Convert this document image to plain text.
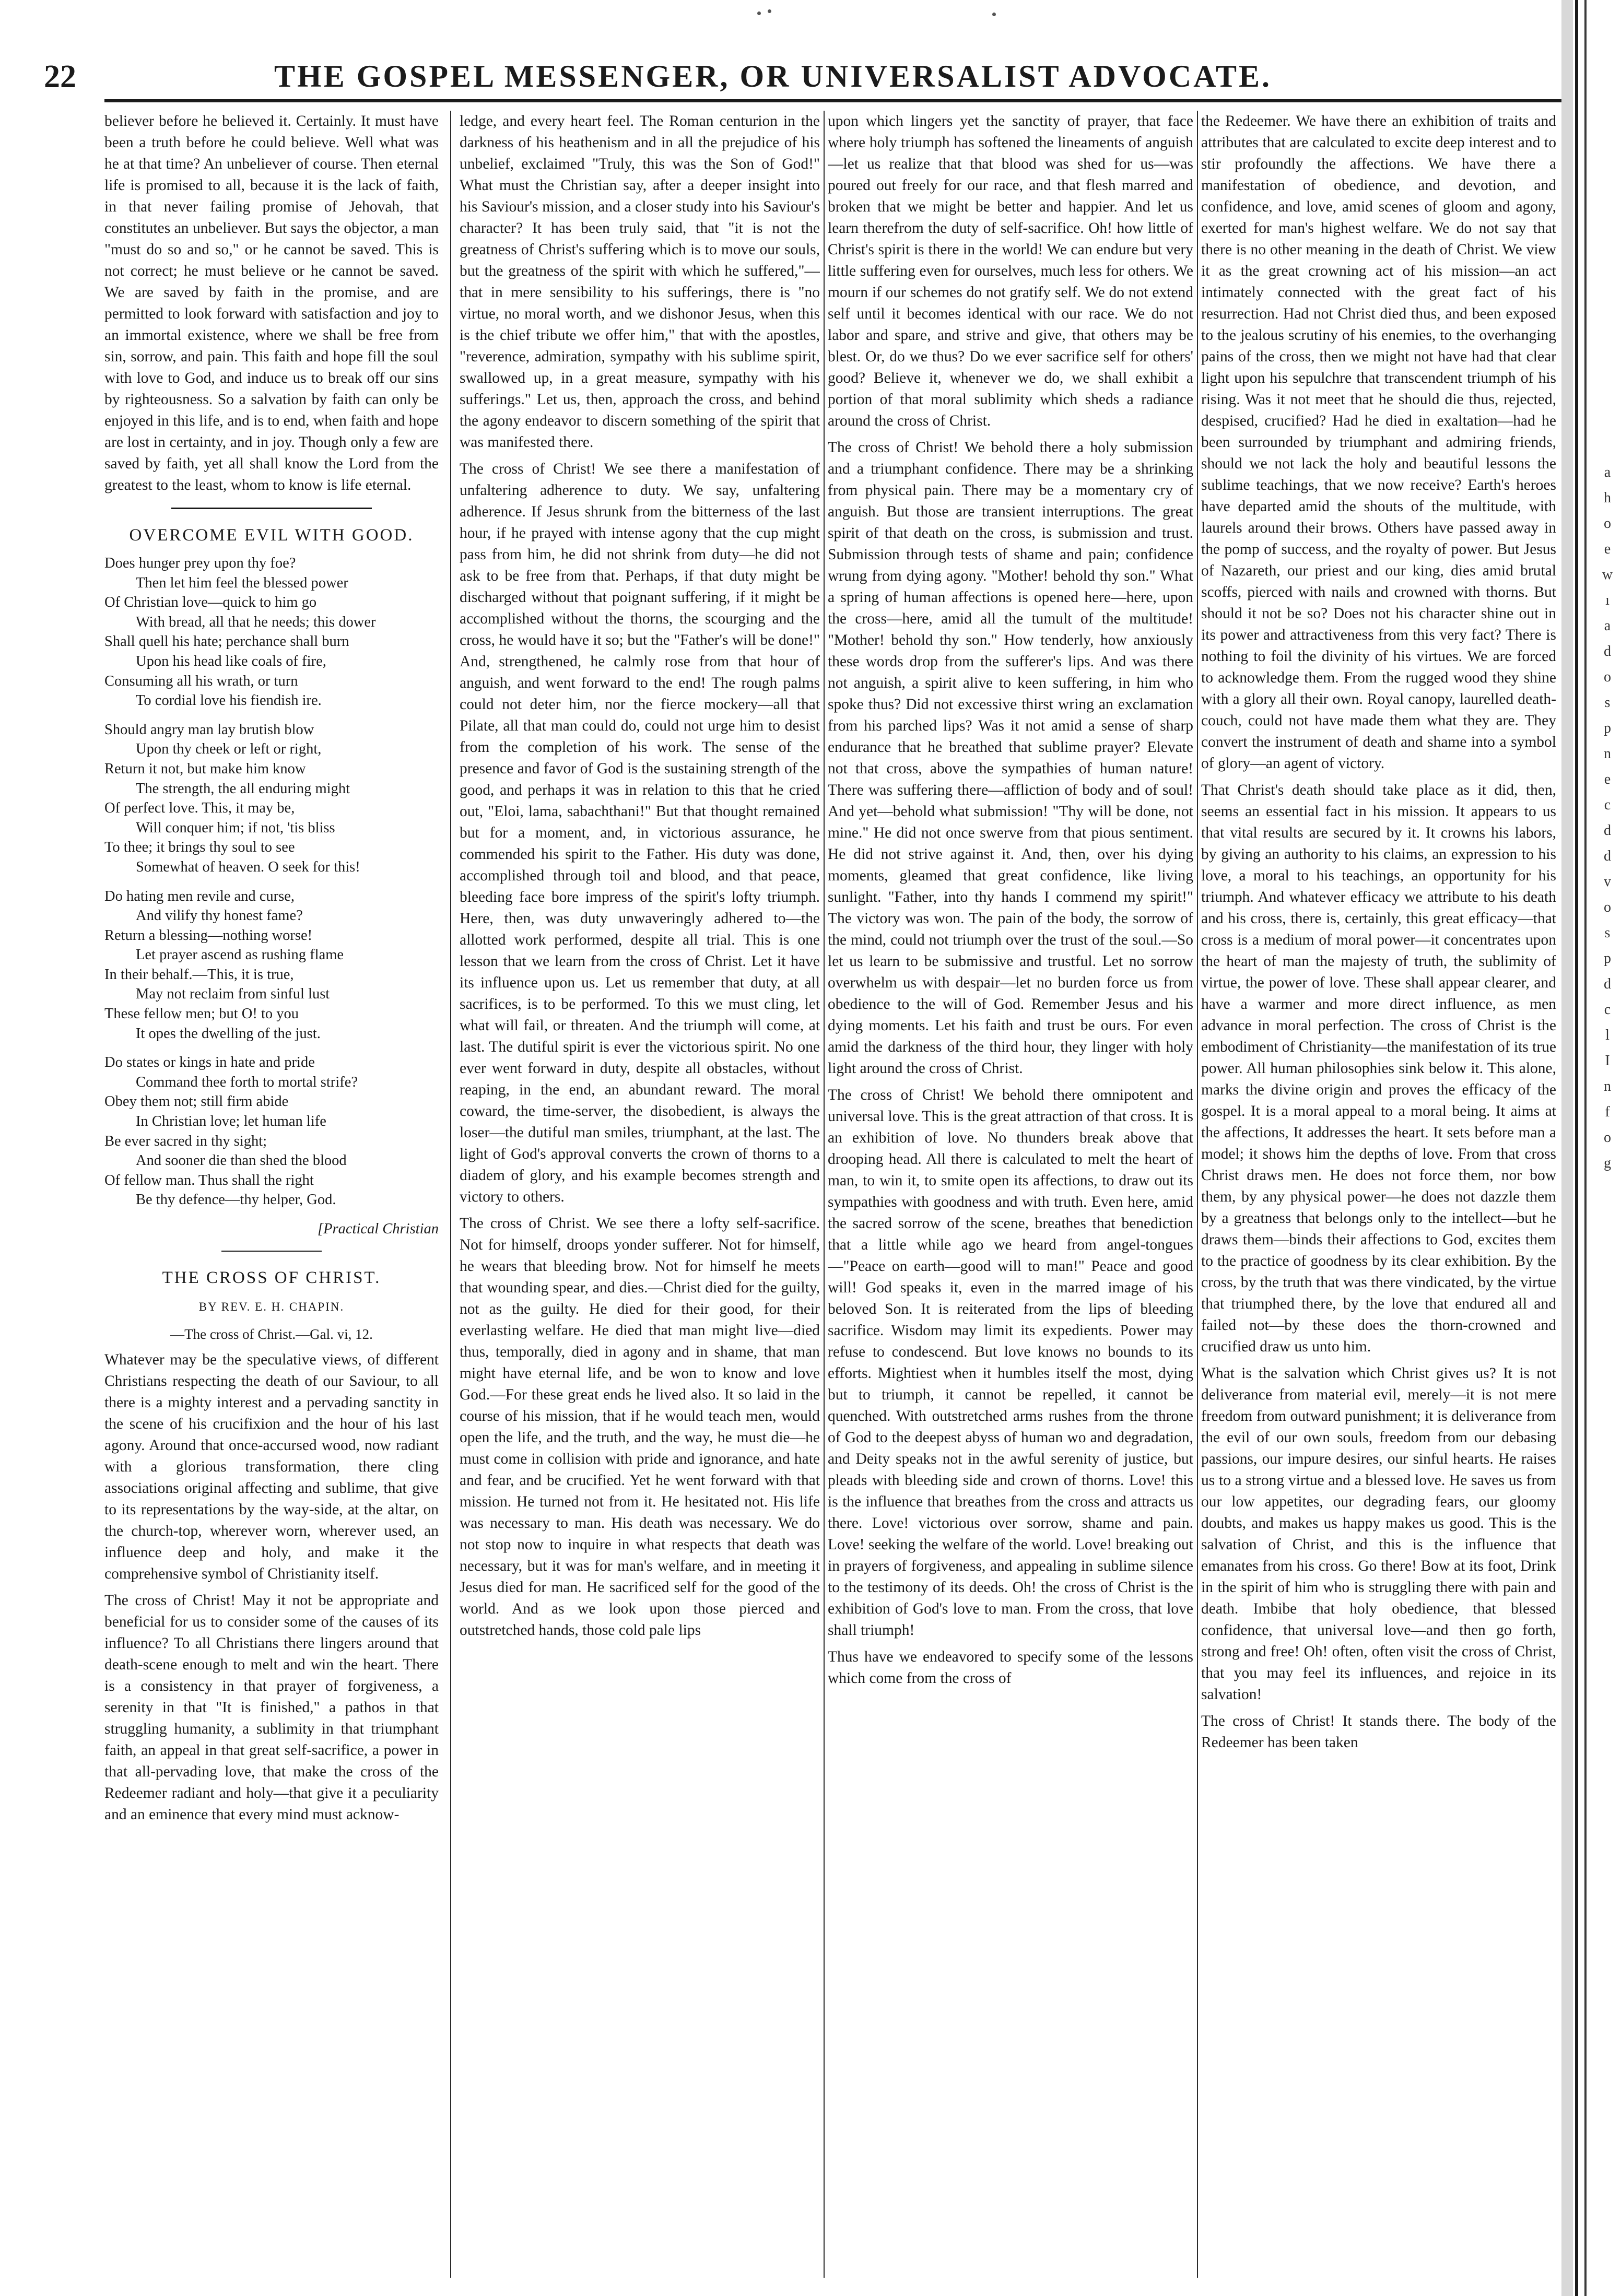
22	THE GOSPEL MESSENGER, OR UNIVERSALIST ADVOCATE.

believer before he believed it. Certainly. It must have been a truth before he could believe. Well what was he at that time? An unbeliever of course. Then eternal life is promised to all, because it is the lack of faith, in that never failing promise of Jehovah, that constitutes an unbeliever. But says the objector, a man "must do so and so," or he cannot be saved. This is not correct; he must believe or he cannot be saved. We are saved by faith in the promise, and are permitted to look forward with satisfaction and joy to an immortal existence, where we shall be free from sin, sorrow, and pain. This faith and hope fill the soul with love to God, and induce us to break off our sins by righteousness. So a salvation by faith can only be enjoyed in this life, and is to end, when faith and hope are lost in certainty, and in joy. Though only a few are saved by faith, yet all shall know the Lord from the greatest to the least, whom to know is life eternal.

OVERCOME EVIL WITH GOOD.
Does hunger prey upon thy foe?
Then let him feel the blessed power
Of Christian love—quick to him go
With bread, all that he needs; this dower
Shall quell his hate; perchance shall burn
Upon his head like coals of fire,
Consuming all his wrath, or turn
To cordial love his fiendish ire.
Should angry man lay brutish blow
Upon thy cheek or left or right,
Return it not, but make him know
The strength, the all enduring might
Of perfect love. This, it may be,
Will conquer him; if not, 'tis bliss
To thee; it brings thy soul to see
Somewhat of heaven. O seek for this!
Do hating men revile and curse,
And vilify thy honest fame?
Return a blessing—nothing worse!
Let prayer ascend as rushing flame
In their behalf.—This, it is true,
May not reclaim from sinful lust
These fellow men; but O! to you
It opes the dwelling of the just.
Do states or kings in hate and pride
Command thee forth to mortal strife?
Obey them not; still firm abide
In Christian love; let human life
Be ever sacred in thy sight;
And sooner die than shed the blood
Of fellow man. Thus shall the right
Be thy defence—thy helper, God.
[Practical Christian
THE CROSS OF CHRIST.
BY REV. E. H. CHAPIN.
—The cross of Christ.—Gal. vi, 12.

Whatever may be the speculative views, of different Christians respecting the death of our Saviour, to all there is a mighty interest and a pervading sanctity in the scene of his crucifixion and the hour of his last agony. Around that once-accursed wood, now radiant with a glorious transformation, there cling associations original affecting and sublime, that give to its representations by the way-side, at the altar, on the church-top, wherever worn, wherever used, an influence deep and holy, and make it the comprehensive symbol of Christianity itself.

The cross of Christ! May it not be appropriate and beneficial for us to consider some of the causes of its influence? To all Christians there lingers around that death-scene enough to melt and win the heart. There is a consistency in that prayer of forgiveness, a serenity in that "It is finished," a pathos in that struggling humanity, a sublimity in that triumphant faith, an appeal in that great self-sacrifice, a power in that all-pervading love, that make the cross of the Redeemer radiant and holy—that give it a peculiarity and an eminence that every mind must acknow-

ledge, and every heart feel. The Roman centurion in the darkness of his heathenism and in all the prejudice of his unbelief, exclaimed "Truly, this was the Son of God!" What must the Christian say, after a deeper insight into his Saviour's mission, and a closer study into his Saviour's character? It has been truly said, that "it is not the greatness of Christ's suffering which is to move our souls, but the greatness of the spirit with which he suffered,"—that in mere sensibility to his sufferings, there is "no virtue, no moral worth, and we dishonor Jesus, when this is the chief tribute we offer him," that with the apostles, "reverence, admiration, sympathy with his sublime spirit, swallowed up, in a great measure, sympathy with his sufferings." Let us, then, approach the cross, and behind the agony endeavor to discern something of the spirit that was manifested there.

The cross of Christ! We see there a manifestation of unfaltering adherence to duty. We say, unfaltering adherence. If Jesus shrunk from the bitterness of the last hour, if he prayed with intense agony that the cup might pass from him, he did not shrink from duty—he did not ask to be free from that. Perhaps, if that duty might be discharged without that poignant suffering, if it might be accomplished without the thorns, the scourging and the cross, he would have it so; but the "Father's will be done!" And, strengthened, he calmly rose from that hour of anguish, and went forward to the end! The rough palms could not deter him, nor the fierce mockery—all that Pilate, all that man could do, could not urge him to desist from the completion of his work. The sense of the presence and favor of God is the sustaining strength of the good, and perhaps it was in relation to this that he cried out, "Eloi, lama, sabachthani!" But that thought remained but for a moment, and, in victorious assurance, he commended his spirit to the Father. His duty was done, accomplished through toil and blood, and that peace, bleeding face bore impress of the spirit's lofty triumph. Here, then, was duty unwaveringly adhered to—the allotted work performed, despite all trial. This is one lesson that we learn from the cross of Christ. Let it have its influence upon us. Let us remember that duty, at all sacrifices, is to be performed. To this we must cling, let what will fail, or threaten. And the triumph will come, at last. The dutiful spirit is ever the victorious spirit. No one ever went forward in duty, despite all obstacles, without reaping, in the end, an abundant reward. The moral coward, the time-server, the disobedient, is always the loser—the dutiful man smiles, triumphant, at the last. The light of God's approval converts the crown of thorns to a diadem of glory, and his example becomes strength and victory to others.

The cross of Christ. We see there a lofty self-sacrifice. Not for himself, droops yonder sufferer. Not for himself, he wears that bleeding brow. Not for himself he meets that wounding spear, and dies.—Christ died for the guilty, not as the guilty. He died for their good, for their everlasting welfare. He died that man might live—died thus, temporally, died in agony and in shame, that man might have eternal life, and be won to know and love God.—For these great ends he lived also. It so laid in the course of his mission, that if he would teach men, would open the life, and the truth, and the way, he must die—he must come in collision with pride and ignorance, and hate and fear, and be crucified. Yet he went forward with that mission. He turned not from it. He hesitated not. His life was necessary to man. His death was necessary. We do not stop now to inquire in what respects that death was necessary, but it was for man's welfare, and in meeting it Jesus died for man. He sacrificed self for the good of the world. And as we look upon those pierced and outstretched hands, those cold pale lips

upon which lingers yet the sanctity of prayer, that face where holy triumph has softened the lineaments of anguish—let us realize that that blood was shed for us—was poured out freely for our race, and that flesh marred and broken that we might be better and happier. And let us learn therefrom the duty of self-sacrifice. Oh! how little of Christ's spirit is there in the world! We can endure but very little suffering even for ourselves, much less for others. We mourn if our schemes do not gratify self. We do not extend self until it becomes identical with our race. We do not labor and spare, and strive and give, that others may be blest. Or, do we thus? Do we ever sacrifice self for others' good? Believe it, whenever we do, we shall exhibit a portion of that moral sublimity which sheds a radiance around the cross of Christ.

The cross of Christ! We behold there a holy submission and a triumphant confidence. There may be a shrinking from physical pain. There may be a momentary cry of anguish. But those are transient interruptions. The great spirit of that death on the cross, is submission and trust. Submission through tests of shame and pain; confidence wrung from dying agony. "Mother! behold thy son." What a spring of human affections is opened here—here, upon the cross—here, amid all the tumult of the multitude! "Mother! behold thy son." How tenderly, how anxiously these words drop from the sufferer's lips. And was there not anguish, a spirit alive to keen suffering, in him who spoke thus? Did not excessive thirst wring an exclamation from his parched lips? Was it not amid a sense of sharp endurance that he breathed that sublime prayer? Elevate not that cross, above the sympathies of human nature! There was suffering there—affliction of body and of soul! And yet—behold what submission! "Thy will be done, not mine." He did not once swerve from that pious sentiment. He did not strive against it. And, then, over his dying moments, gleamed that great confidence, like living sunlight. "Father, into thy hands I commend my spirit!" The victory was won. The pain of the body, the sorrow of the mind, could not triumph over the trust of the soul.—So let us learn to be submissive and trustful. Let no sorrow overwhelm us with despair—let no burden force us from obedience to the will of God. Remember Jesus and his dying moments. Let his faith and trust be ours. For even amid the darkness of the third hour, they linger with holy light around the cross of Christ.

The cross of Christ! We behold there omnipotent and universal love. This is the great attraction of that cross. It is an exhibition of love. No thunders break above that drooping head. All there is calculated to melt the heart of man, to win it, to smite open its affections, to draw out its sympathies with goodness and with truth. Even here, amid the sacred sorrow of the scene, breathes that benediction that a little while ago we heard from angel-tongues—"Peace on earth—good will to man!" Peace and good will! God speaks it, even in the marred image of his beloved Son. It is reiterated from the lips of bleeding sacrifice. Wisdom may limit its expedients. Power may refuse to condescend. But love knows no bounds to its efforts. Mightiest when it humbles itself the most, dying but to triumph, it cannot be repelled, it cannot be quenched. With outstretched arms rushes from the throne of God to the deepest abyss of human wo and degradation, and Deity speaks not in the awful serenity of justice, but pleads with bleeding side and crown of thorns. Love! this is the influence that breathes from the cross and attracts us there. Love! victorious over sorrow, shame and pain. Love! seeking the welfare of the world. Love! breaking out in prayers of forgiveness, and appealing in sublime silence to the testimony of its deeds. Oh! the cross of Christ is the exhibition of God's love to man. From the cross, that love shall triumph!

Thus have we endeavored to specify some of the lessons which come from the cross of

the Redeemer. We have there an exhibition of traits and attributes that are calculated to excite deep interest and to stir profoundly the affections. We have there a manifestation of obedience, and devotion, and confidence, and love, amid scenes of gloom and agony, exerted for man's highest welfare. We do not say that there is no other meaning in the death of Christ. We view it as the great crowning act of his mission—an act intimately connected with the great fact of his resurrection. Had not Christ died thus, and been exposed to the jealous scrutiny of his enemies, to the overhanging pains of the cross, then we might not have had that clear light upon his sepulchre that transcendent triumph of his rising. Was it not meet that he should die thus, rejected, despised, crucified? Had he died in exaltation—had he been surrounded by triumphant and admiring friends, should we not lack the holy and beautiful lessons the sublime teachings, that we now receive? Earth's heroes have departed amid the shouts of the multitude, with laurels around their brows. Others have passed away in the pomp of success, and the royalty of power. But Jesus of Nazareth, our priest and our king, dies amid brutal scoffs, pierced with nails and crowned with thorns. But should it not be so? Does not his character shine out in its power and attractiveness from this very fact? There is nothing to foil the divinity of his virtues. We are forced to acknowledge them. From the rugged wood they shine with a glory all their own. Royal canopy, laurelled death-couch, could not have made them what they are. They convert the instrument of death and shame into a symbol of glory—an agent of victory.

That Christ's death should take place as it did, then, seems an essential fact in his mission. It appears to us that vital results are secured by it. It crowns his labors, by giving an authority to his claims, an expression to his love, a moral to his teachings, an opportunity for his triumph. And whatever efficacy we attribute to his death and his cross, there is, certainly, this great efficacy—that cross is a medium of moral power—it concentrates upon the heart of man the majesty of truth, the sublimity of virtue, the power of love. These shall appear clearer, and have a warmer and more direct influence, as men advance in moral perfection. The cross of Christ is the embodiment of Christianity—the manifestation of its true power. All human philosophies sink below it. This alone, marks the divine origin and proves the efficacy of the gospel. It is a moral appeal to a moral being. It aims at the affections, It addresses the heart. It sets before man a model; it shows him the depths of love. From that cross Christ draws men. He does not force them, nor bow them, by any physical power—he does not dazzle them by a greatness that belongs only to the intellect—but he draws them—binds their affections to God, excites them to the practice of goodness by its clear exhibition. By the cross, by the truth that was there vindicated, by the virtue that triumphed there, by the love that endured all and failed not—by these does the thorn-crowned and crucified draw us unto him.

What is the salvation which Christ gives us? It is not deliverance from material evil, merely—it is not mere freedom from outward punishment; it is deliverance from the evil of our own souls, freedom from our debasing passions, our impure desires, our sinful hearts. He raises us to a strong virtue and a blessed love. He saves us from our low appetites, our degrading fears, our gloomy doubts, and makes us happy makes us good. This is the salvation of Christ, and this is the influence that emanates from his cross. Go there! Bow at its foot, Drink in the spirit of him who is struggling there with pain and death. Imbibe that holy obedience, that blessed confidence, that universal love—and then go forth, strong and free! Oh! often, often visit the cross of Christ, that you may feel its influences, and rejoice in its salvation!

The cross of Christ! It stands there. The body of the Redeemer has been taken

a
h
o
e
w
ı
a
d
o
s
p
n
e
c
d
d
v
o
s
p
d
c
l
I
n
f
o
g
